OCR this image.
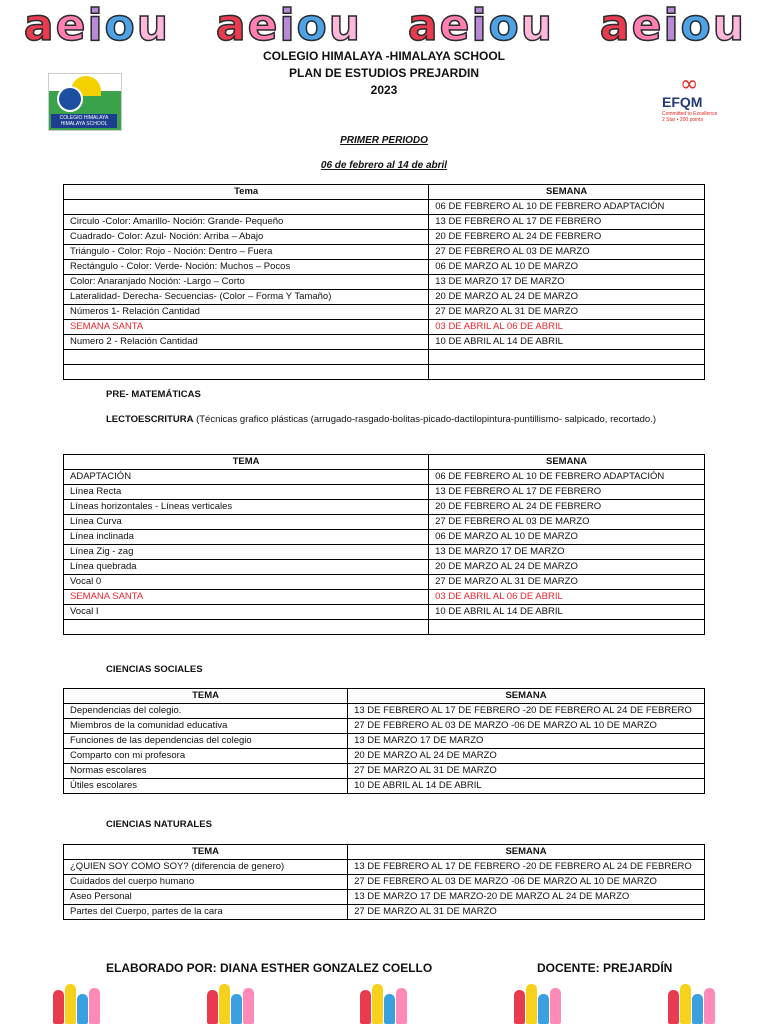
a e i o u a e i o u a e i o u a e i o u
COLEGIO HIMALAYA -HIMALAYA SCHOOL
PLAN DE ESTUDIOS PREJARDIN
2023
COLEGIO HIMALAYA HIMALAYA SCHOOL
∞
EFQM
Committed to Excellence 2 Star • 200 points
PRIMER PERIODO
06 de febrero al 14 de abril
Tema	SEMANA
	06 DE FEBRERO AL 10 DE FEBRERO ADAPTACIÓN
Circulo -Color: Amarillo- Noción: Grande- Pequeño	13 DE FEBRERO AL 17 DE FEBRERO
Cuadrado- Color: Azul- Noción: Arriba – Abajo	20 DE FEBRERO AL 24 DE FEBRERO
Triángulo - Color: Rojo - Noción: Dentro – Fuera	27 DE FEBRERO AL 03 DE MARZO
Rectángulo - Color: Verde- Noción: Muchos – Pocos	06 DE MARZO AL 10 DE MARZO
Color: Anaranjado Noción: -Largo – Corto	13 DE MARZO 17 DE MARZO
Lateralidad- Derecha- Secuencias- (Color – Forma Y Tamaño)	20 DE MARZO AL 24 DE MARZO
Números 1- Relación Cantidad	27 DE MARZO AL 31 DE MARZO
SEMANA SANTA	03 DE ABRIL AL 06 DE ABRIL
Numero 2 - Relación Cantidad	10 DE ABRIL AL 14 DE ABRIL

PRE- MATEMÁTICAS
LECTOESCRITURA (Técnicas grafico plásticas (arrugado-rasgado-bolitas-picado-dactilopintura-puntillismo- salpicado, recortado.)
TEMA	SEMANA
ADAPTACIÓN	06 DE FEBRERO AL 10 DE FEBRERO ADAPTACIÓN
Línea Recta	13 DE FEBRERO AL 17 DE FEBRERO
Líneas horizontales - Líneas verticales	20 DE FEBRERO AL 24 DE FEBRERO
Línea Curva	27 DE FEBRERO AL 03 DE MARZO
Línea inclinada	06 DE MARZO AL 10 DE MARZO
Línea Zig - zag	13 DE MARZO 17 DE MARZO
Línea quebrada	20 DE MARZO AL 24 DE MARZO
Vocal 0	27 DE MARZO AL 31 DE MARZO
SEMANA SANTA	03 DE ABRIL AL 06 DE ABRIL
Vocal I	10 DE ABRIL AL 14 DE ABRIL

CIENCIAS SOCIALES
TEMA	SEMANA
Dependencias del colegio.	13 DE FEBRERO AL 17 DE FEBRERO -20 DE FEBRERO AL 24 DE FEBRERO
Miembros de la comunidad educativa	27 DE FEBRERO AL 03 DE MARZO -06 DE MARZO AL 10 DE MARZO
Funciones de las dependencias del colegio	13 DE MARZO 17 DE MARZO
Comparto con mi profesora	20 DE MARZO AL 24 DE MARZO
Normas escolares	27 DE MARZO AL 31 DE MARZO
Útiles escolares	10 DE ABRIL AL 14 DE ABRIL
CIENCIAS NATURALES
TEMA	SEMANA
¿QUIEN SOY COMO SOY? (diferencia de genero)	13 DE FEBRERO AL 17 DE FEBRERO -20 DE FEBRERO AL 24 DE FEBRERO
Cuidados del cuerpo humano	27 DE FEBRERO AL 03 DE MARZO -06 DE MARZO AL 10 DE MARZO
Aseo Personal	13 DE MARZO 17 DE MARZO-20 DE MARZO AL 24 DE MARZO
Partes del Cuerpo, partes de la cara	27 DE MARZO AL 31 DE MARZO
ELABORADO POR: DIANA ESTHER GONZALEZ COELLO	DOCENTE: PREJARDÍN
